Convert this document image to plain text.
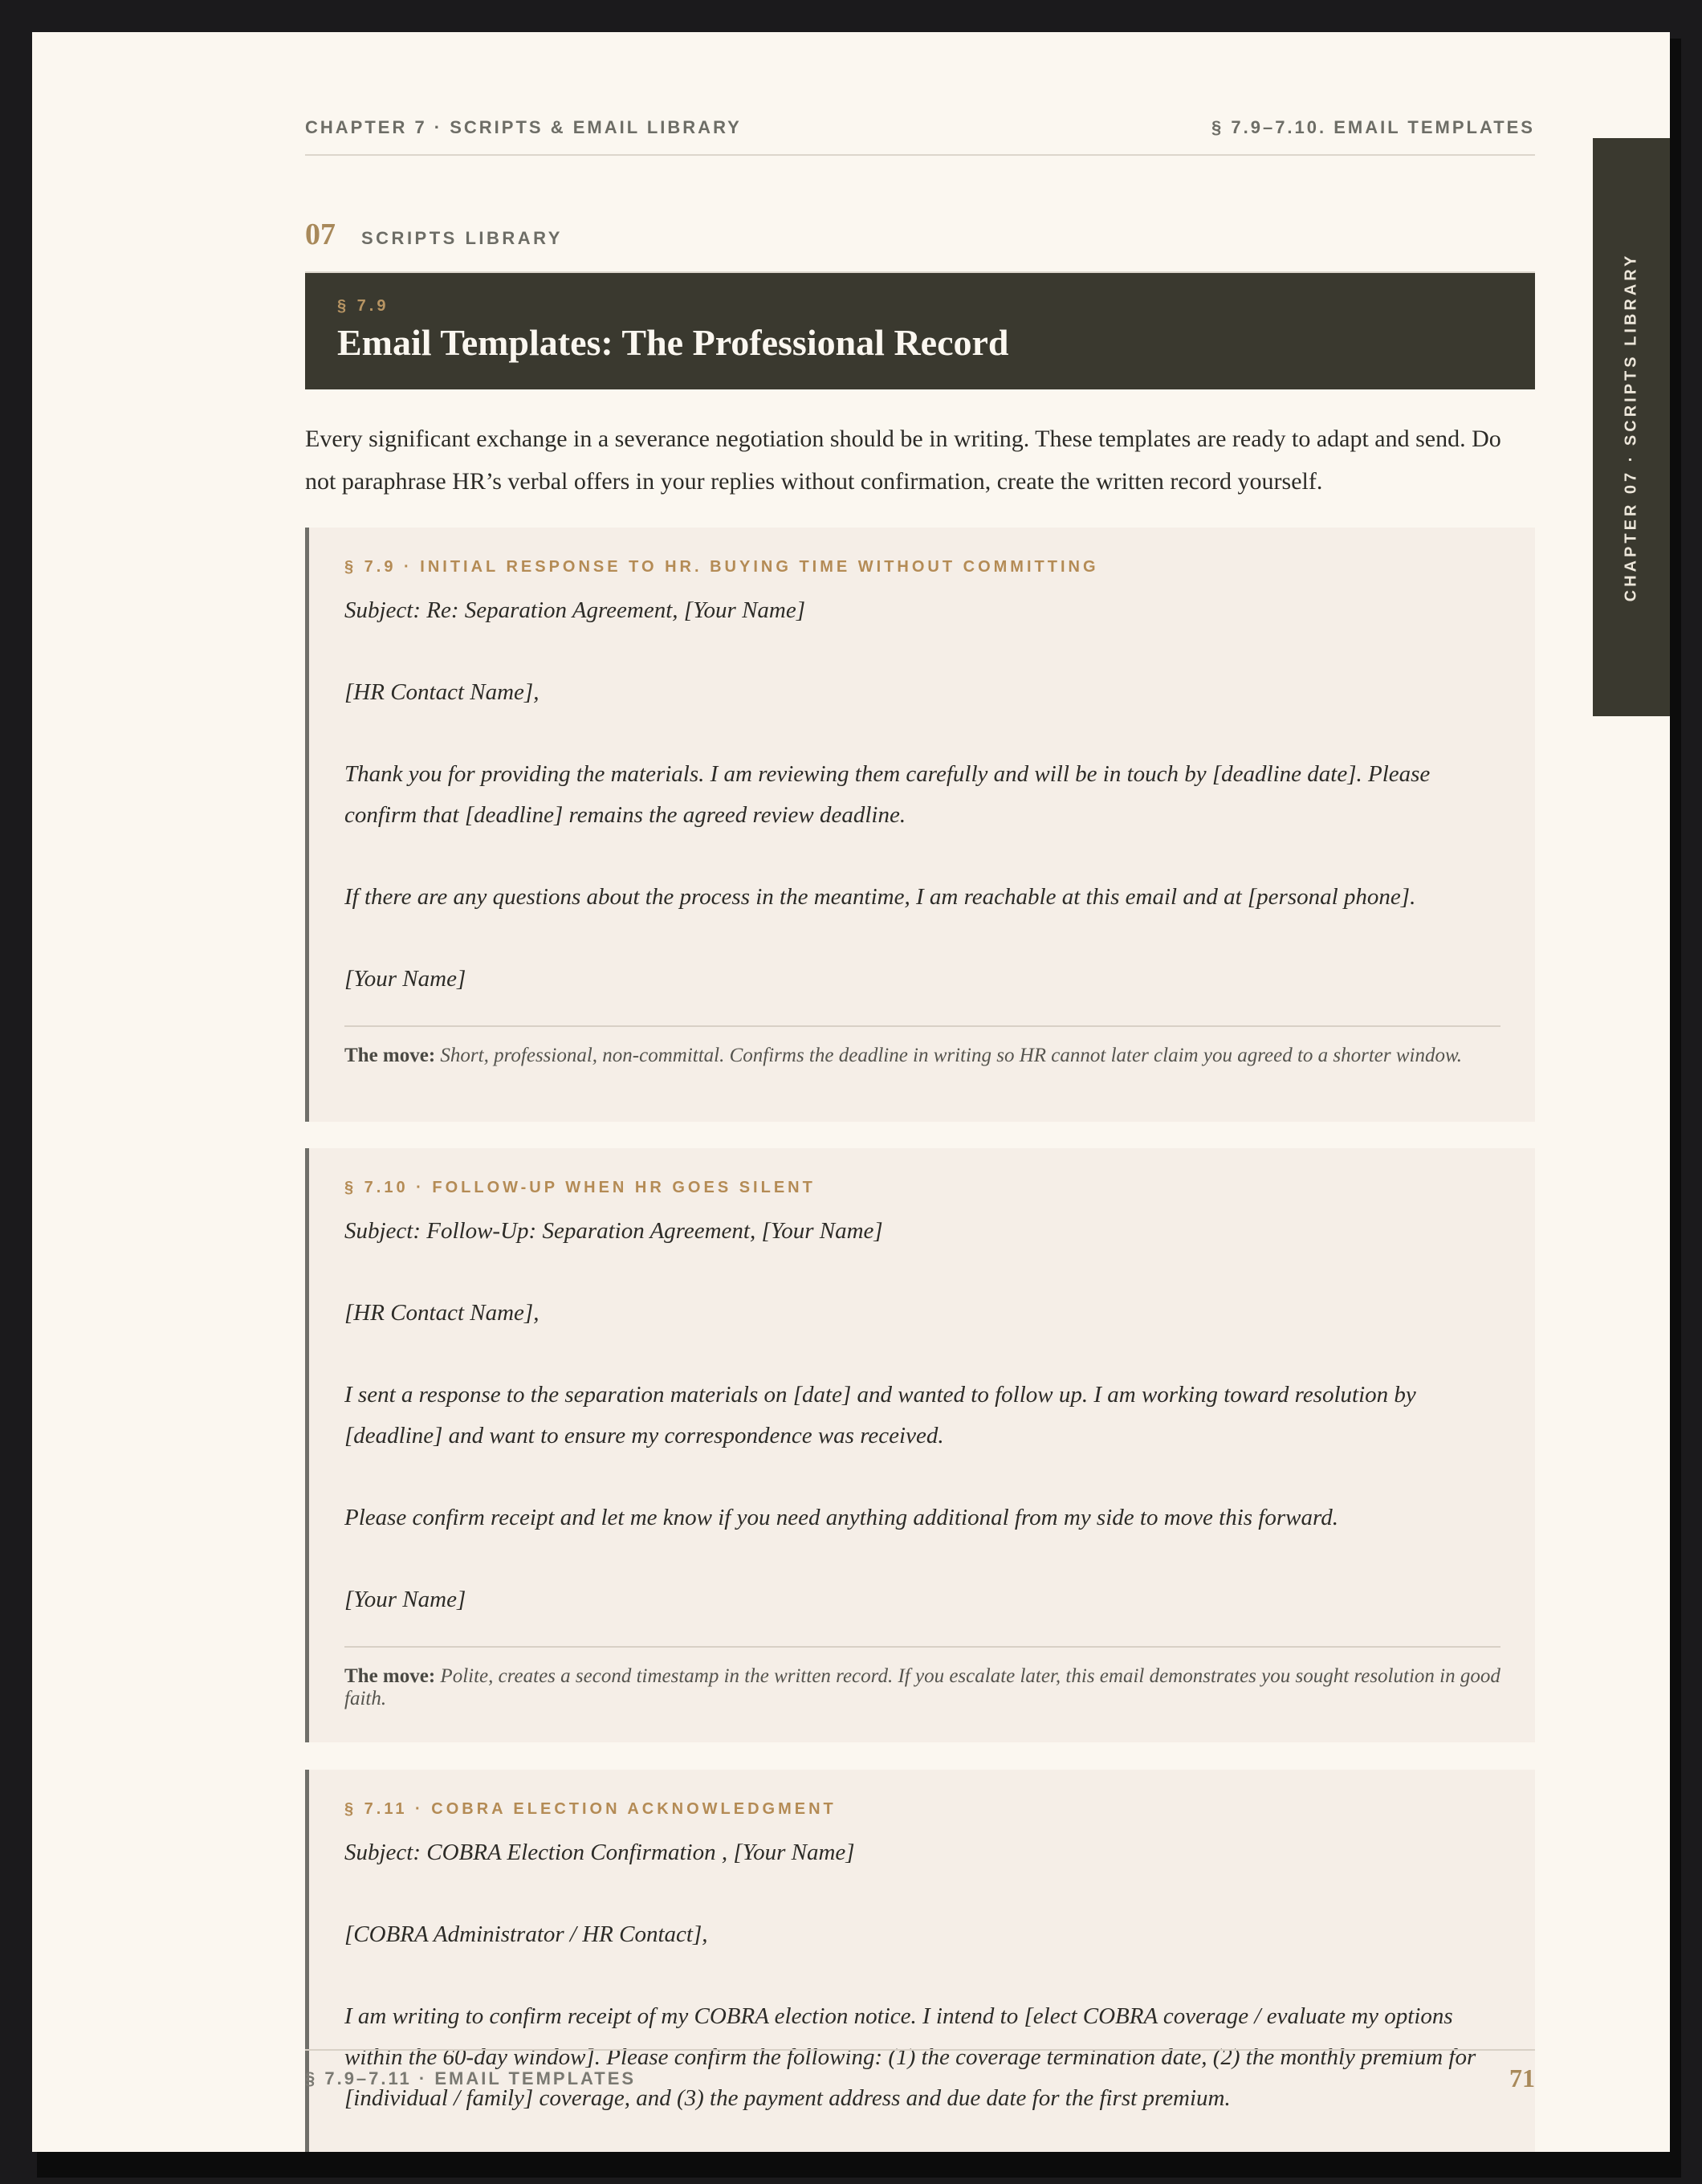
CHAPTER 7 · SCRIPTS & EMAIL LIBRARY	§ 7.9–7.10. EMAIL TEMPLATES
07 SCRIPTS LIBRARY
§ 7.9
Email Templates: The Professional Record

Every significant exchange in a severance negotiation should be in writing. These templates are ready to adapt and send. Do not paraphrase HR’s verbal offers in your replies without confirmation, create the written record yourself.

§ 7.9 · INITIAL RESPONSE TO HR. BUYING TIME WITHOUT COMMITTING

Subject: Re: Separation Agreement, [Your Name]

[HR Contact Name],

Thank you for providing the materials. I am reviewing them carefully and will be in touch by [deadline date]. Please confirm that [deadline] remains the agreed review deadline.

If there are any questions about the process in the meantime, I am reachable at this email and at [personal phone].

[Your Name]

The move: Short, professional, non-committal. Confirms the deadline in writing so HR cannot later claim you agreed to a shorter window.
§ 7.10 · FOLLOW-UP WHEN HR GOES SILENT

Subject: Follow-Up: Separation Agreement, [Your Name]

[HR Contact Name],

I sent a response to the separation materials on [date] and wanted to follow up. I am working toward resolution by [deadline] and want to ensure my correspondence was received.

Please confirm receipt and let me know if you need anything additional from my side to move this forward.

[Your Name]

The move: Polite, creates a second timestamp in the written record. If you escalate later, this email demonstrates you sought resolution in good faith.
§ 7.11 · COBRA ELECTION ACKNOWLEDGMENT

Subject: COBRA Election Confirmation , [Your Name]

[COBRA Administrator / HR Contact],

I am writing to confirm receipt of my COBRA election notice. I intend to [elect COBRA coverage / evaluate my options within the 60-day window]. Please confirm the following: (1) the coverage termination date, (2) the monthly premium for [individual / family] coverage, and (3) the payment address and due date for the first premium.

§ 7.9–7.11 · EMAIL TEMPLATES	71
CHAPTER 07 · SCRIPTS LIBRARY
